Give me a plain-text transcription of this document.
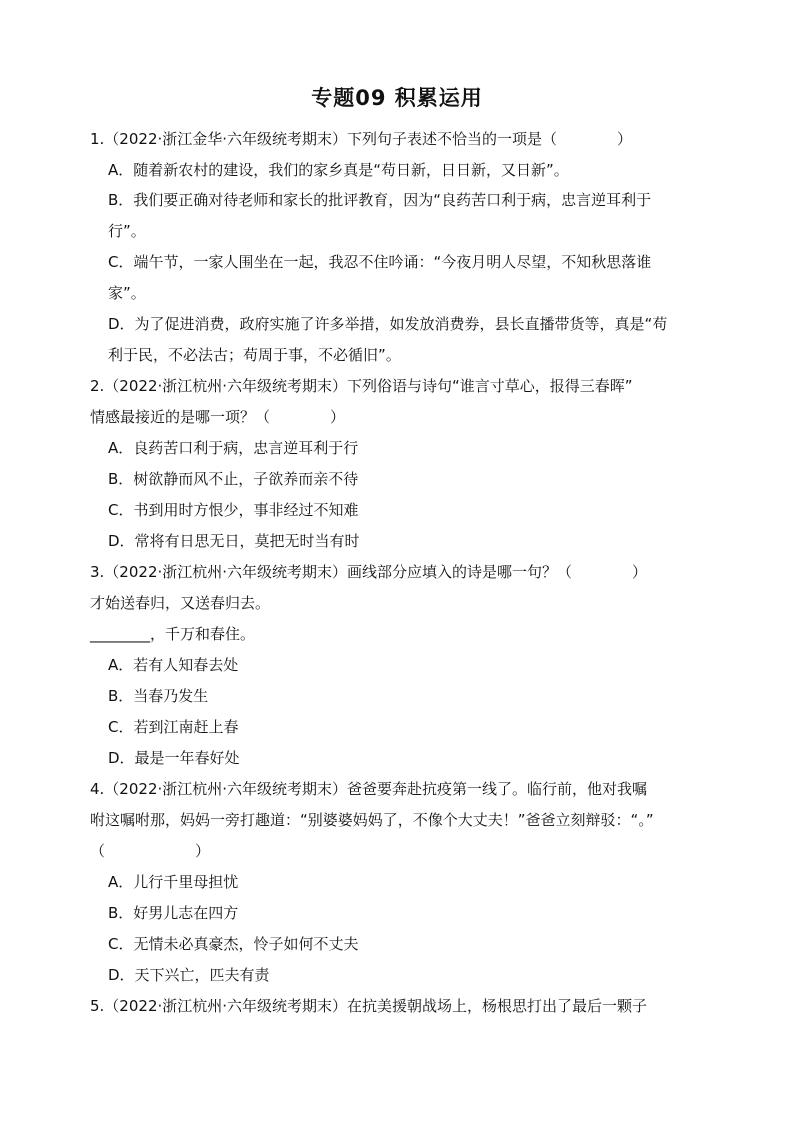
专题09 积累运用
1.（2022·浙江金华·六年级统考期末）下列句子表述不恰当的一项是（　　　　）
A．随着新农村的建设，我们的家乡真是“苟日新，日日新，又日新”。
B．我们要正确对待老师和家长的批评教育，因为“良药苦口利于病，忠言逆耳利于
行”。
C．端午节，一家人围坐在一起，我忍不住吟诵：“今夜月明人尽望，不知秋思落谁
家”。
D．为了促进消费，政府实施了许多举措，如发放消费券，县长直播带货等，真是“苟
利于民，不必法古；苟周于事，不必循旧”。
2.（2022·浙江杭州·六年级统考期末）下列俗语与诗句“谁言寸草心，报得三春晖”
情感最接近的是哪一项？（　　　　）
A．良药苦口利于病，忠言逆耳利于行
B．树欲静而风不止，子欲养而亲不待
C．书到用时方恨少，事非经过不知难
D．常将有日思无日，莫把无时当有时
3.（2022·浙江杭州·六年级统考期末）画线部分应填入的诗是哪一句？（　　　　）
才始送春归，又送春归去。
________，千万和春住。
A．若有人知春去处
B．当春乃发生
C．若到江南赶上春
D．最是一年春好处
4.（2022·浙江杭州·六年级统考期末）爸爸要奔赴抗疫第一线了。临行前，他对我嘱
咐这嘱咐那，妈妈一旁打趣道：“别婆婆妈妈了，不像个大丈夫！”爸爸立刻辩驳：“。”
（　　　　　　）
A．儿行千里母担忧
B．好男儿志在四方
C．无情未必真豪杰，怜子如何不丈夫
D．天下兴亡，匹夫有责
5.（2022·浙江杭州·六年级统考期末）在抗美援朝战场上，杨根思打出了最后一颗子
